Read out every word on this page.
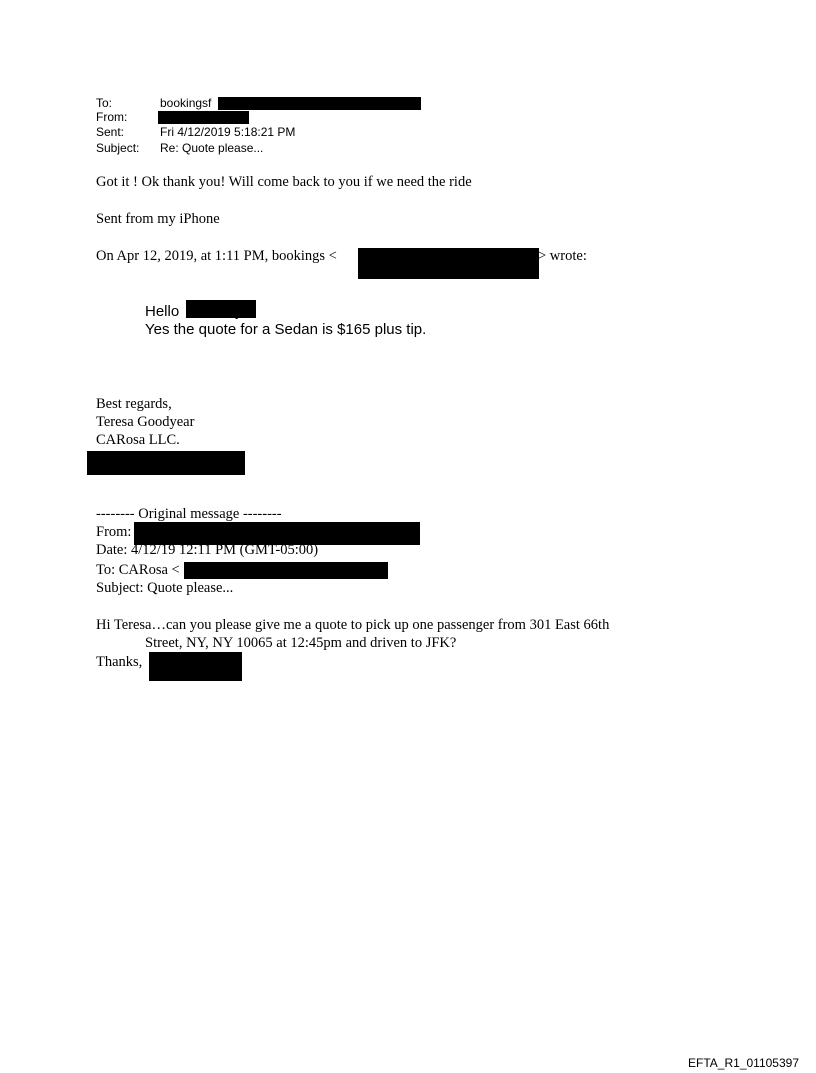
To:	bookingsf
From:
Sent:	Fri 4/12/2019 5:18:21 PM
Subject: Re: Quote please...
Got it ! Ok thank you! Will come back to you if we need the ride
Sent from my iPhone
On Apr 12, 2019, at 1:11 PM, bookings <	> wrote:
Hello
Yes the quote for a Sedan is $165 plus tip.
Best regards,
Teresa Goodyear
CARosa LLC.
-------- Original message --------
From:
Date: 4/12/19 12:11 PM (GMT-05:00)
To: CARosa <
Subject: Quote please...
Hi Teresa…can you please give me a quote to pick up one passenger from 301 East 66th
Street, NY, NY 10065 at 12:45pm and driven to JFK?
Thanks,
EFTA_R1_01105397
